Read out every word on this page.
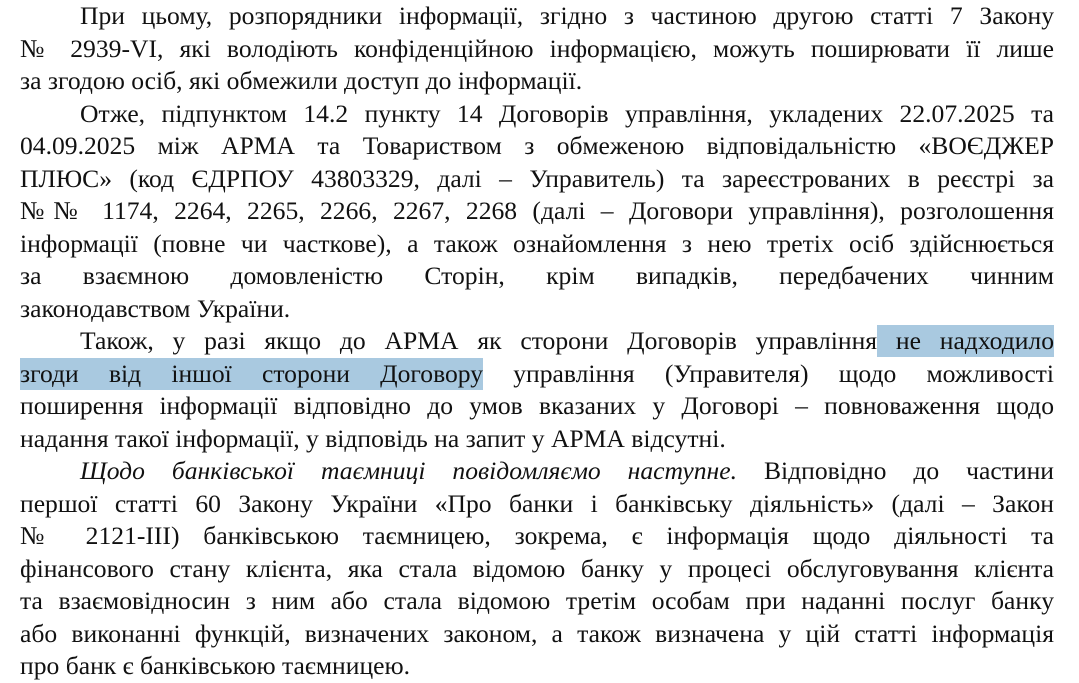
При цьому, розпорядники інформації, згідно з частиною другою статті 7 Закону
№ 2939-VI, які володіють конфіденційною інформацією, можуть поширювати її лише
за згодою осіб, які обмежили доступ до інформації.
Отже, підпунктом 14.2 пункту 14 Договорів управління, укладених 22.07.2025 та
04.09.2025 між АРМА та Товариством з обмеженою відповідальністю «ВОЄДЖЕР
ПЛЮС» (код ЄДРПОУ 43803329, далі – Управитель) та зареєстрованих в реєстрі за
№№ 1174, 2264, 2265, 2266, 2267, 2268 (далі – Договори управління), розголошення
інформації (повне чи часткове), а також ознайомлення з нею третіх осіб здійснюється
за взаємною домовленістю Сторін, крім випадків, передбачених чинним
законодавством України.
Також, у разі якщо до АРМА як сторони Договорів управління не надходило
згоди від іншої сторони Договору управління (Управителя) щодо можливості
поширення інформації відповідно до умов вказаних у Договорі – повноваження щодо
надання такої інформації, у відповідь на запит у АРМА відсутні.
Щодо банківської таємниці повідомляємо наступне. Відповідно до частини
першої статті 60 Закону України «Про банки і банківську діяльність» (далі – Закон
№ 2121-ІІІ) банківською таємницею, зокрема, є інформація щодо діяльності та
фінансового стану клієнта, яка стала відомою банку у процесі обслуговування клієнта
та взаємовідносин з ним або стала відомою третім особам при наданні послуг банку
або виконанні функцій, визначених законом, а також визначена у цій статті інформація
про банк є банківською таємницею.
